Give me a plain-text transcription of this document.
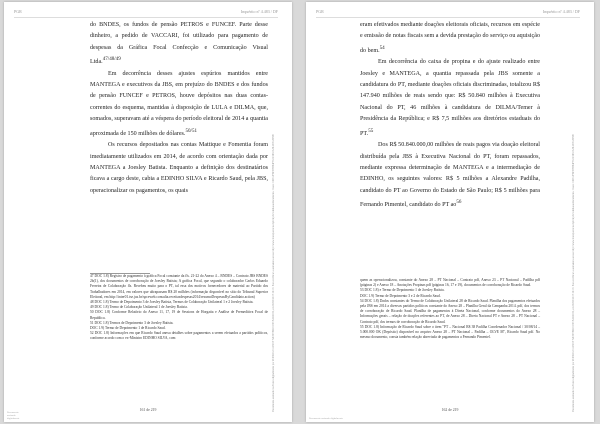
PGR	Inquérito nº 4.483 / DF

do BNDES, os fundos de pensão PETROS e FUNCEF. Parte desse dinheiro, a pedido de VACCARI, foi utilizado para pagamento de despesas da Gráfica Focal Confecção e Comunicação Visual Ltda.$^{47/48/49}$

Em decorrência desses ajustes espúrios mantidos entre MANTEGA e executivos da JBS, em prejuízo do BNDES e dos fundos de pensão FUNCEF e PETROS, houve depósitos nas duas contas-correntes do esquema, mantidas à disposição de LULA e DILMA, que, somados, superavam até a véspera do período eleitoral de 2014 a quantia aproximada de 150 milhões de dólares.$^{50/51}$

Os recursos depositados nas contas Mattique e Fomentia foram imediatamente utilizados em 2014, de acordo com orientação dada por MANTEGA a Joesley Batista. Enquanto a definição dos destinatários ficava a cargo deste, cabia a EDINHO SILVA e Ricardo Saud, pela JBS, operacionalizar os pagamentos, os quais

47 DOC 1.8) Registro de pagamento à gráfica Focal constante da fls. 21-22 do Anexo 4 – BNDES – Contrato JBS BNDES 2b(1), dos documentos de corroboração de Joesley Batista; A gráfica Focal, que segundo o colaborador Carlos Eduardo Ferreira de Colaboração fls. Recebeu muito para o PT, tal essa dos motivos fornecedores de material ao Partido dos Trabalhadores em 2014, em valores que ultrapassam R$ 20 milhões (informação disponível no sítio do Tribunal Superior Eleitoral, em http://inter01.tse.jus.br/spceweb.consulta.receitasdespesas2014/resumoDespesasByCandidato.action)
48 DOC 1.8) Termo de Depoimento 3 de Joesley Batista, Termos de Colaboração Unilateral 1 e 2 Joesley Batista.
49 DOC 1.8) Termo de Colaboração Unilateral 1 de Joesley Batista.
50 DOC 1.8) Conforme Relatório do Anexo 11, 17, 19 de Sessions de Horgatia e Análise de Premeditiva Focal de Republica.
51 DOC 1.8) Termos de Depoimento 3 de Joesley Batista.
DOC 1.9) Termo de Depoimento 1 de Ricardo Saud.
52 DOC 1.8) Informações em que Ricardo Saud anexa detalhes sobre pagamentos a serem efetuados a partidos políticos, conforme acordo com o ex-Ministro EDINHO SILVA, com
161 de 219	Documento assinado via Token digitalmente por RODRIGO JANOT MONTEIRO DE BARROS, em 05/09/2017 20:19. Para verificar a assinatura acesse http://www.transparencia.mpf.mp.br/validacaodocumento. Chave C6D12F6F.B7B84F55.0C8D2A36.2E3A5F6B
Documento assinado digitalmente
PGR	Inquérito nº 4.483 / DF

eram efetivados mediante doações eleitorais oficiais, recursos em espécie e emissão de notas fiscais sem a devida prestação do serviço ou aquisição do bem.$^{54}$

Em decorrência do caixa de propina e do ajuste realizado entre Joesley e MANTEGA, a quantia repassada pela JBS somente a candidatura do PT, mediante doações oficiais discriminadas, totalizou R$ 147.940 milhões de reais sendo que: R$ 50.840 milhões à Executiva Nacional do PT, 46 milhões à candidatura de DILMA/Temer à Presidência da República; e R$ 7,5 milhões aos diretórios estaduais do PT.$^{55}$

Dos R$ 50.840.000,00 milhões de reais pagos via doação eleitoral distribuída pela JBS à Executiva Nacional do PT, foram repassados, mediante expressa determinação de MANTEGA e a intermediação de EDINHO, os seguintes valores: R$ 5 milhões a Alexandre Padilha, candidato do PT ao Governo do Estado de São Paulo; R$ 5 milhões para Fernando Pimentel, candidato do PT $ao^{56}$

quem as operacionalizou, constante do Anexo 28 – PT Nacional – Contrato pdf, Anexo 23 – PT Nacional – Padilha pdf (páginas 2) e Anexo 18 – Anotações Propinas pdf (páginas 16, 17 e 19), documentos de corroboração de Ricardo Saud.
53 DOC 1.8) e Termo de Depoimento 1 de Joesley Batista.
DOC 1.9) Termo de Depoimento 3 e 2 de Ricardo Saud.
54 DOC 1.8) Dados constantes do Termo de Colaboração Unilateral 28 de Ricardo Saud. Planilha dos pagamentos efetuados pela JBS em 2014 a diversos partidos políticos constante do Anexo 28 – Planilha Geral da Campanha 2014. pdf, dos termos de corroboração de Ricardo Saud. Planilha de pagamentos à Direta Nacional, conforme documentos do Anexo 28 – Informações gerais – relação de doações referentes ao PT, de Anexo 28 – Direta Nacional PT e Anexo 28 – PT Nacional – Contrato pdf, dos termos de corroboração de Ricardo Saud.
55 DOC 1.8) Informação de Ricardo Saud sobre o item "PT – Nacional R$ 38 Padilha Coordenador Nacional / 30/08/14 – 5.000.000 OK (Depósito) disponível no arquivo Anexo 28 – PT Nacional – Padilha – OLVE M", Ricardo Saud pdf. No mesmo documento, consta também relação abreviada de pagamentos a Fernando Pimentel.
162 de 219	Documento assinado via Token digitalmente por RODRIGO JANOT MONTEIRO DE BARROS, em 05/09/2017 20:19. Para verificar a assinatura acesse http://www.transparencia.mpf.mp.br/validacaodocumento. Chave C6D12F6F.B7B84F55.0C8D2A36.2E3A5F6B
Documento assinado digitalmente
